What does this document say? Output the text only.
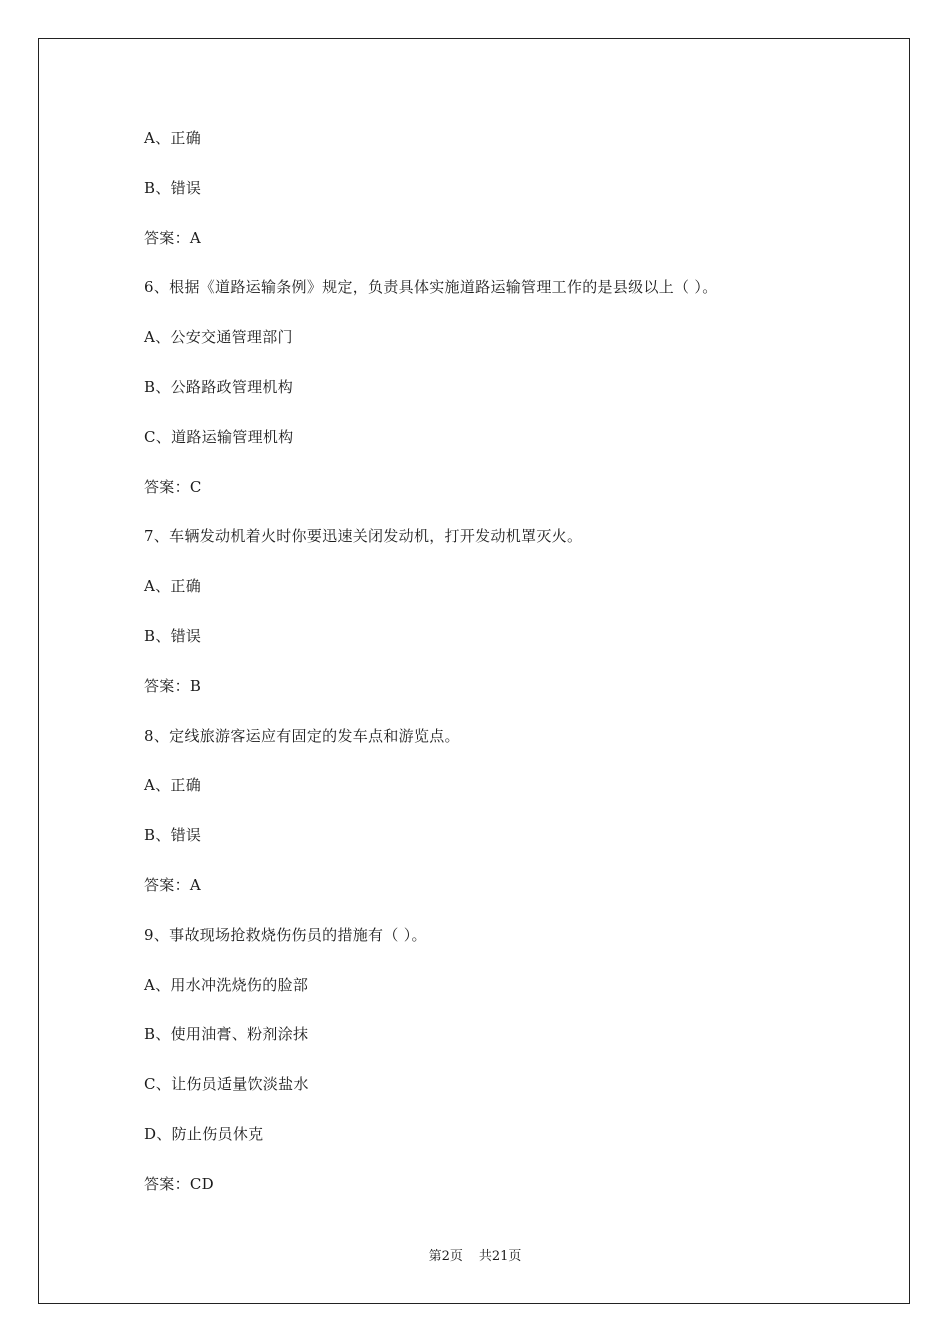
A、正确
B、错误
答案：A
6、根据《道路运输条例》规定，负责具体实施道路运输管理工作的是县级以上（ ）。
A、公安交通管理部门
B、公路路政管理机构
C、道路运输管理机构
答案：C
7、车辆发动机着火时你要迅速关闭发动机，打开发动机罩灭火。
A、正确
B、错误
答案：B
8、定线旅游客运应有固定的发车点和游览点。
A、正确
B、错误
答案：A
9、事故现场抢救烧伤伤员的措施有（ ）。
A、用水冲洗烧伤的脸部
B、使用油膏、粉剂涂抹
C、让伤员适量饮淡盐水
D、防止伤员休克
答案：CD
第2页 共21页
